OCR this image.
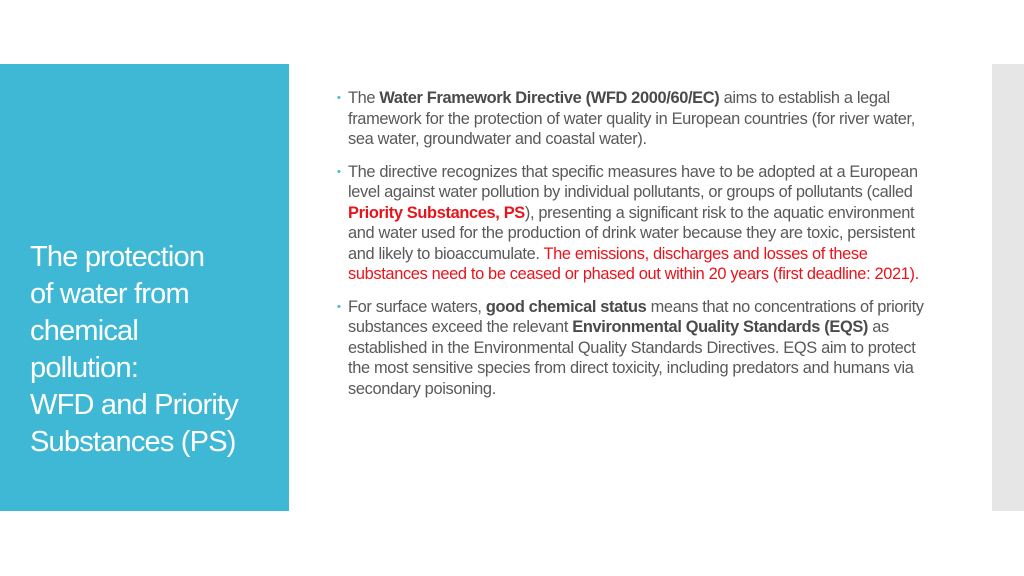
The protection
of water from
chemical
pollution:
WFD and Priority
Substances (PS)
• The Water Framework Directive (WFD 2000/60/EC) aims to establish a legal framework for the protection of water quality in European countries (for river water, sea water, groundwater and coastal water).
• The directive recognizes that specific measures have to be adopted at a European level against water pollution by individual pollutants, or groups of pollutants (called Priority Substances, PS), presenting a significant risk to the aquatic environment and water used for the production of drink water because they are toxic, persistent and likely to bioaccumulate. The emissions, discharges and losses of these substances need to be ceased or phased out within 20 years (first deadline: 2021).
• For surface waters, good chemical status means that no concentrations of priority substances exceed the relevant Environmental Quality Standards (EQS) as established in the Environmental Quality Standards Directives. EQS aim to protect the most sensitive species from direct toxicity, including predators and humans via secondary poisoning.
